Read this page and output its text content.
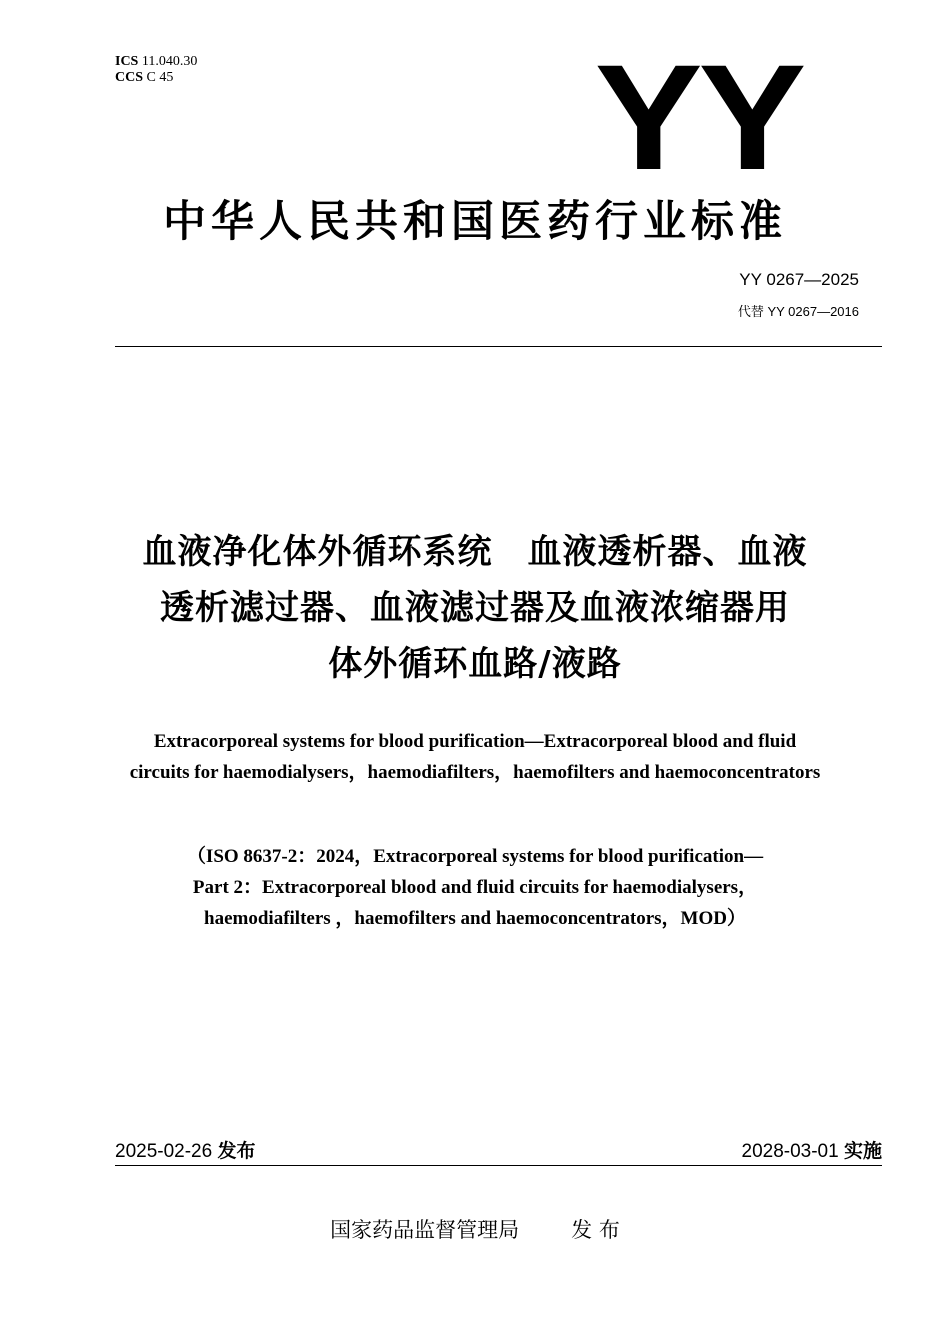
ICS 11.040.30
CCS C 45	YY
中华人民共和国医药行业标准
YY 0267—2025
代替 YY 0267—2016
血液净化体外循环系统　血液透析器、血液
透析滤过器、血液滤过器及血液浓缩器用
体外循环血路/液路
Extracorporeal systems for blood purification—Extracorporeal blood and fluid
circuits for haemodialysers，haemodiafilters，haemofilters and haemoconcentrators
（ISO 8637-2：2024，Extracorporeal systems for blood purification—
Part 2：Extracorporeal blood and fluid circuits for haemodialysers，
haemodiafilters ，haemofilters and haemoconcentrators，MOD）
2025-02-26 发布	2028-03-01 实施
国家药品监督管理局 发 布
